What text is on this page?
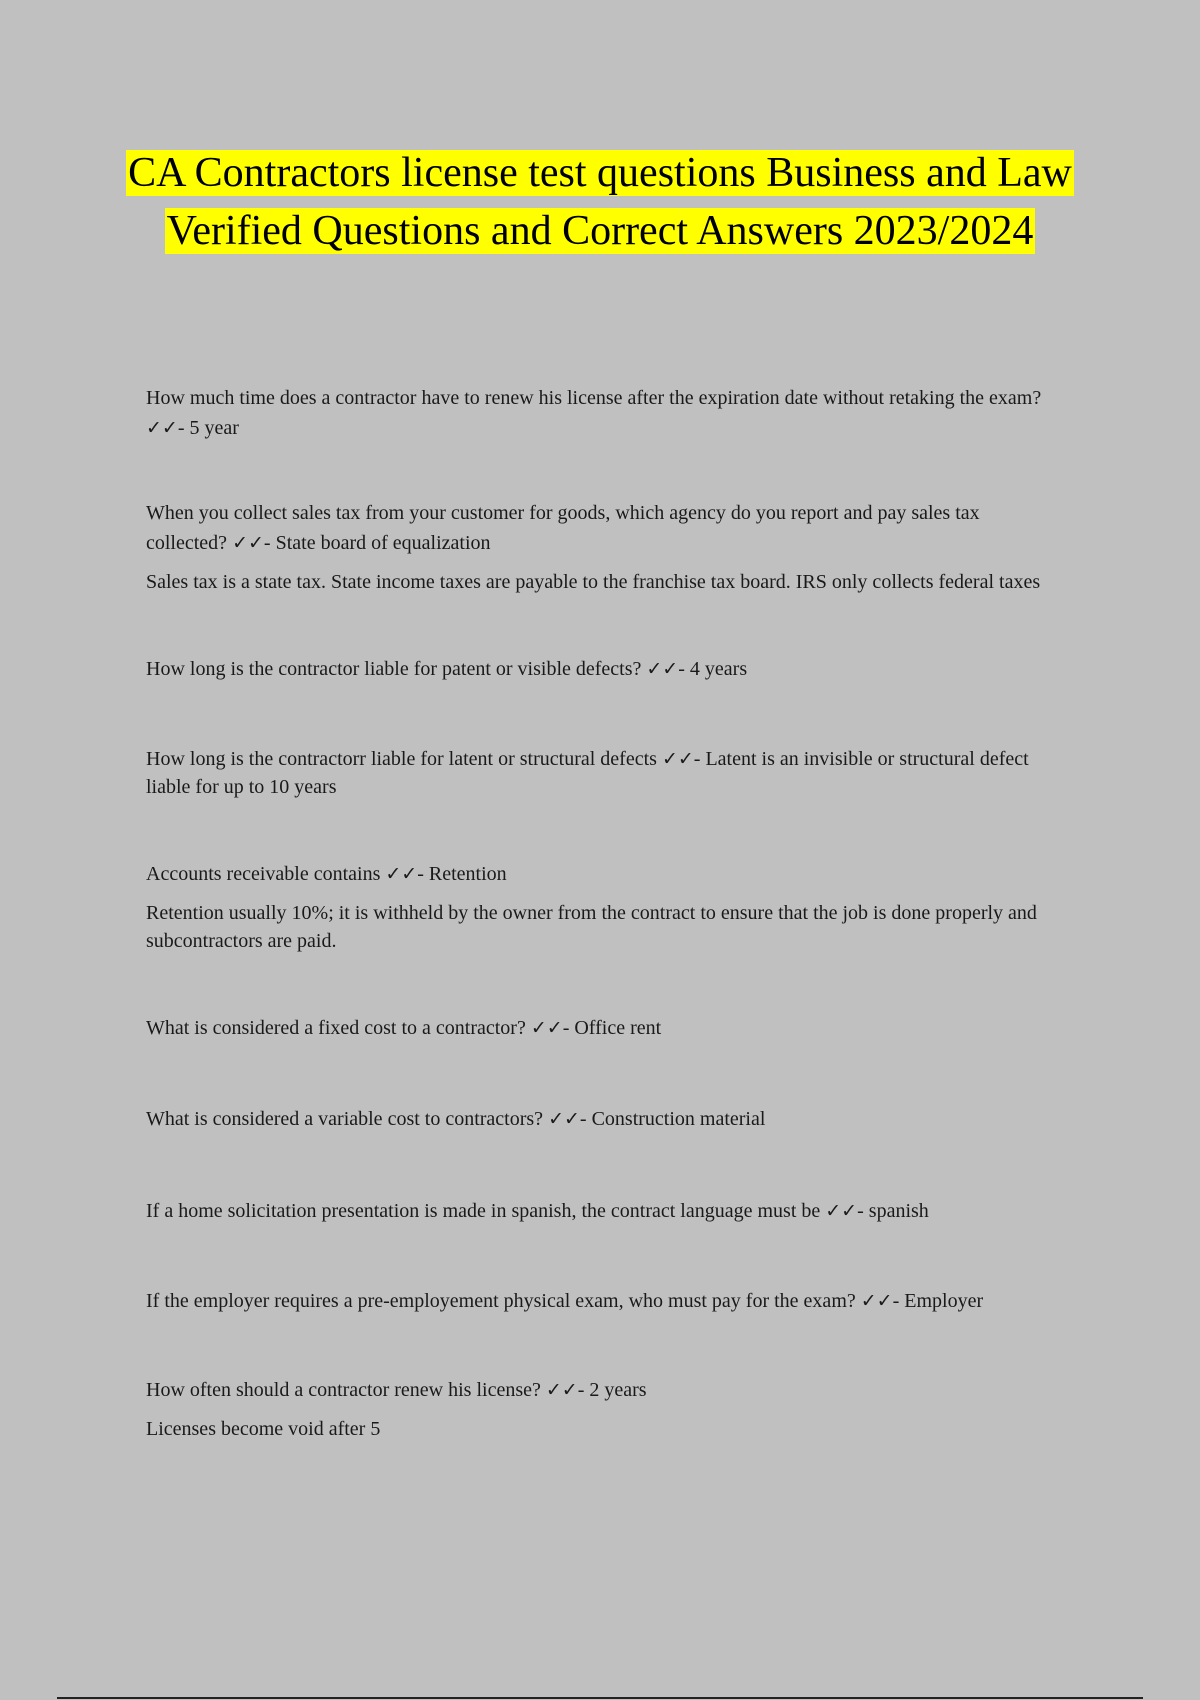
CA Contractors license test questions Business and Law Verified Questions and Correct Answers 2023/2024

How much time does a contractor have to renew his license after the expiration date without retaking the exam? ✓✓- 5 year

When you collect sales tax from your customer for goods, which agency do you report and pay sales tax collected? ✓✓- State board of equalization

Sales tax is a state tax. State income taxes are payable to the franchise tax board. IRS only collects federal taxes

How long is the contractor liable for patent or visible defects? ✓✓- 4 years

How long is the contractorr liable for latent or structural defects ✓✓- Latent is an invisible or structural defect liable for up to 10 years

Accounts receivable contains ✓✓- Retention

Retention usually 10%; it is withheld by the owner from the contract to ensure that the job is done properly and subcontractors are paid.

What is considered a fixed cost to a contractor? ✓✓- Office rent

What is considered a variable cost to contractors? ✓✓- Construction material

If a home solicitation presentation is made in spanish, the contract language must be ✓✓- spanish

If the employer requires a pre-employement physical exam, who must pay for the exam? ✓✓- Employer

How often should a contractor renew his license? ✓✓- 2 years

Licenses become void after 5
